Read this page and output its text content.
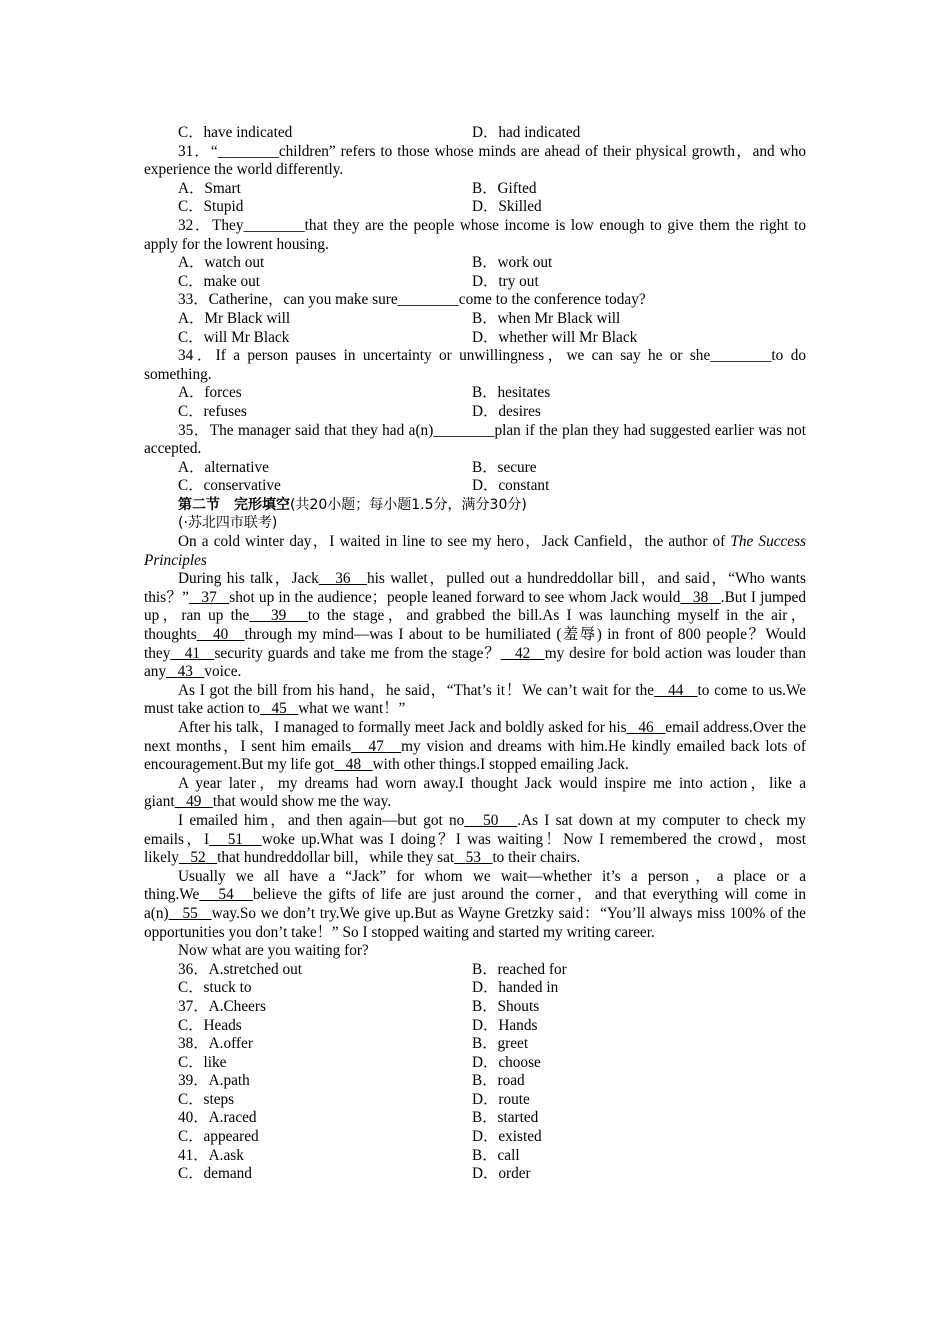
C．have indicated	D．had indicated

31．“________children” refers to those whose minds are ahead of their physical growth，and who experience the world differently.

A．Smart	B．Gifted
C．Stupid	D．Skilled

32．They________that they are the people whose income is low enough to give them the right to apply for the lowrent housing.

A．watch out	B．work out
C．make out	D．try out

33．Catherine，can you make sure________come to the conference today?

A．Mr Black will	B．when Mr Black will
C．will Mr Black	D．whether will Mr Black

34．If a person pauses in uncertainty or unwillingness，we can say he or she________to do something.

A．forces	B．hesitates
C．refuses	D．desires

35．The manager said that they had a(n)________plan if the plan they had suggested earlier was not accepted.

A．alternative	B．secure
C．conservative	D．constant
第二节　完形填空(共20小题；每小题1.5分，满分30分)
(·苏北四市联考)

On a cold winter day，I waited in line to see my hero，Jack Canfield，the author of The Success Principles

During his talk，Jack 36 his wallet，pulled out a hundreddollar bill，and said，“Who wants this？” 37 shot up in the audience；people leaned forward to see whom Jack would 38 .But I jumped up，ran up the 39 to the stage，and grabbed the bill.As I was launching myself in the air，thoughts 40 through my mind—was I about to be humiliated (羞辱) in front of 800 people？Would they 41 security guards and take me from the stage？ 42 my desire for bold action was louder than any 43 voice.

As I got the bill from his hand，he said，“That’s it！We can’t wait for the 44 to come to us.We must take action to 45 what we want！”

After his talk，I managed to formally meet Jack and boldly asked for his 46 email address.Over the next months，I sent him emails 47 my vision and dreams with him.He kindly emailed back lots of encouragement.But my life got 48 with other things.I stopped emailing Jack.

A year later，my dreams had worn away.I thought Jack would inspire me into action，like a giant 49 that would show me the way.

I emailed him，and then again—but got no 50 .As I sat down at my computer to check my emails，I 51 woke up.What was I doing？I was waiting！Now I remembered the crowd，most likely 52 that hundreddollar bill，while they sat 53 to their chairs.

Usually we all have a “Jack” for whom we wait—whether it’s a person，a place or a thing.We 54 believe the gifts of life are just around the corner，and that everything will come in a(n) 55 way.So we don’t try.We give up.But as Wayne Gretzky said：“You’ll always miss 100% of the opportunities you don’t take！” So I stopped waiting and started my writing career.

Now what are you waiting for?

36．A.stretched out	B．reached for
C．stuck to	D．handed in
37．A.Cheers	B．Shouts
C．Heads	D．Hands
38．A.offer	B．greet
C．like	D．choose
39．A.path	B．road
C．steps	D．route
40．A.raced	B．started
C．appeared	D．existed
41．A.ask	B．call
C．demand	D．order
